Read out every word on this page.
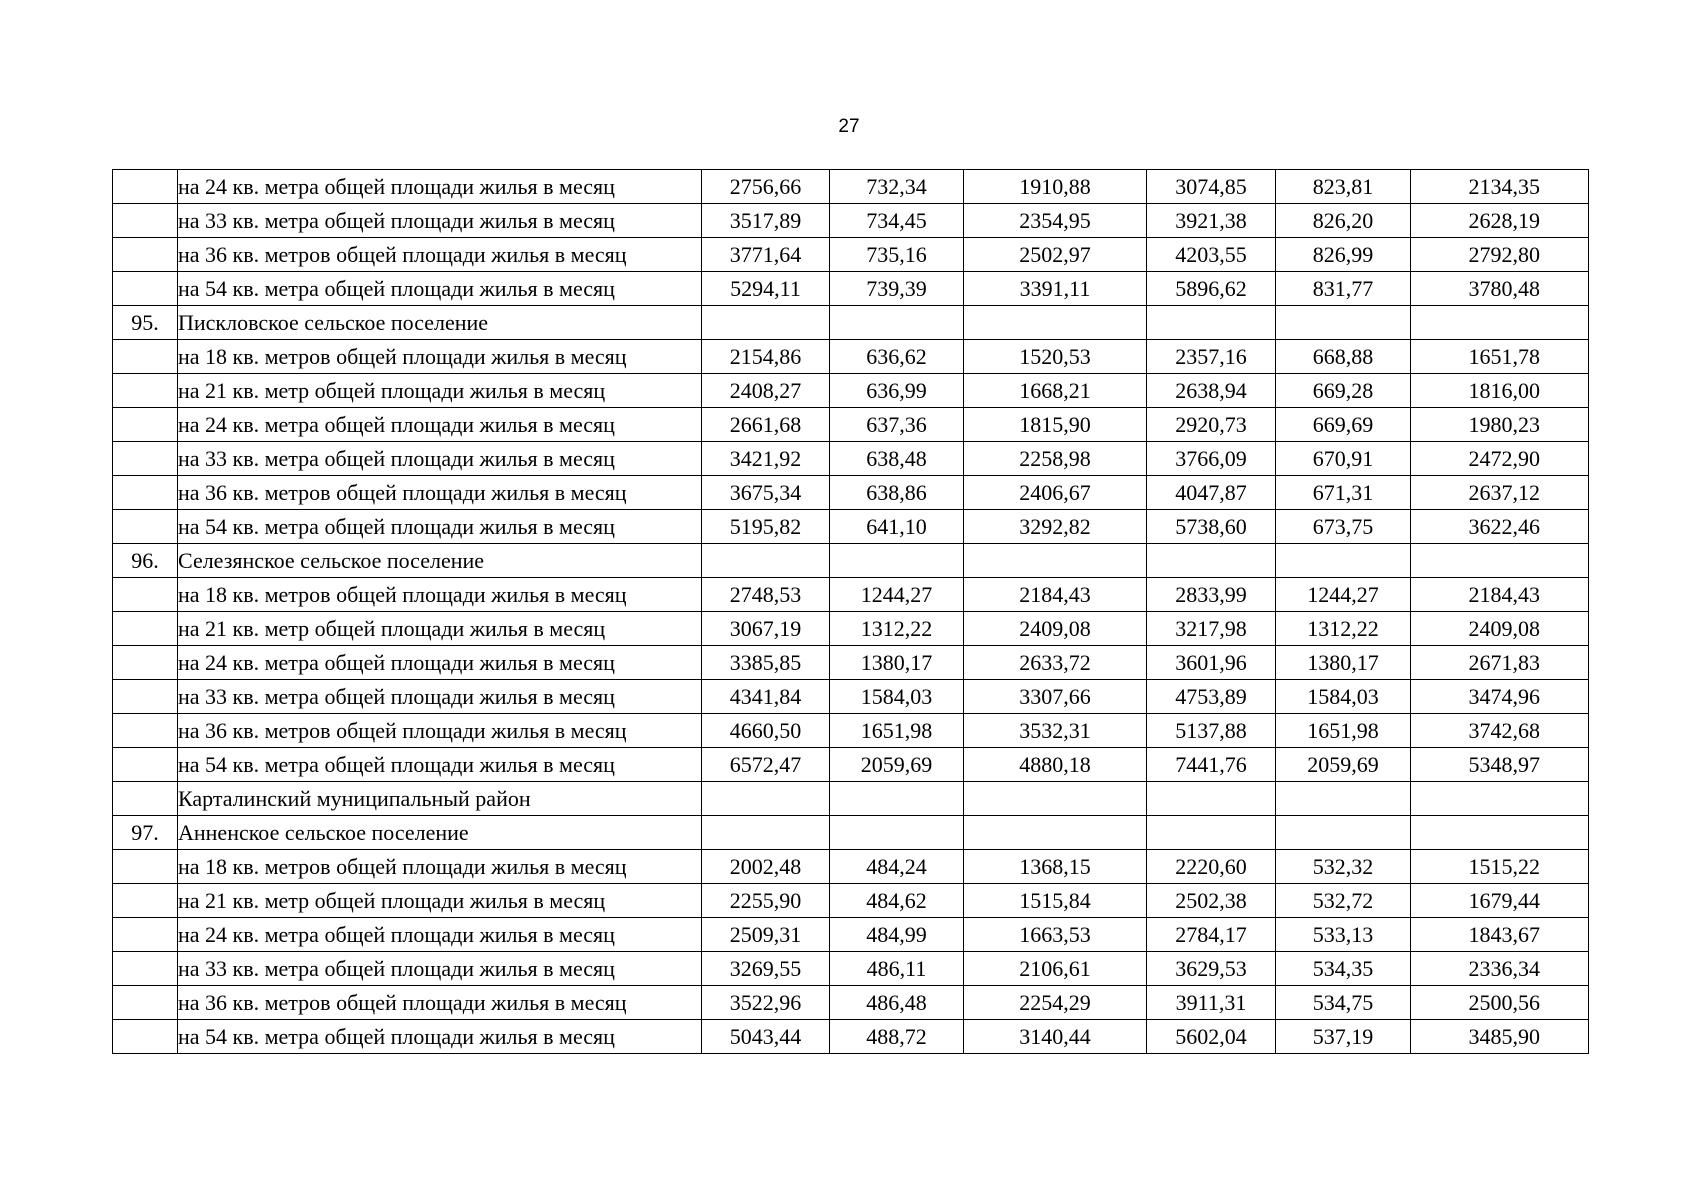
27
	на 24 кв. метра общей площади жилья в месяц	2756,66	732,34	1910,88	3074,85	823,81	2134,35
	на 33 кв. метра общей площади жилья в месяц	3517,89	734,45	2354,95	3921,38	826,20	2628,19
	на 36 кв. метров общей площади жилья в месяц	3771,64	735,16	2502,97	4203,55	826,99	2792,80
	на 54 кв. метра общей площади жилья в месяц	5294,11	739,39	3391,11	5896,62	831,77	3780,48
95.	Пискловское сельское поселение						
	на 18 кв. метров общей площади жилья в месяц	2154,86	636,62	1520,53	2357,16	668,88	1651,78
	на 21 кв. метр общей площади жилья в месяц	2408,27	636,99	1668,21	2638,94	669,28	1816,00
	на 24 кв. метра общей площади жилья в месяц	2661,68	637,36	1815,90	2920,73	669,69	1980,23
	на 33 кв. метра общей площади жилья в месяц	3421,92	638,48	2258,98	3766,09	670,91	2472,90
	на 36 кв. метров общей площади жилья в месяц	3675,34	638,86	2406,67	4047,87	671,31	2637,12
	на 54 кв. метра общей площади жилья в месяц	5195,82	641,10	3292,82	5738,60	673,75	3622,46
96.	Селезянское сельское поселение						
	на 18 кв. метров общей площади жилья в месяц	2748,53	1244,27	2184,43	2833,99	1244,27	2184,43
	на 21 кв. метр общей площади жилья в месяц	3067,19	1312,22	2409,08	3217,98	1312,22	2409,08
	на 24 кв. метра общей площади жилья в месяц	3385,85	1380,17	2633,72	3601,96	1380,17	2671,83
	на 33 кв. метра общей площади жилья в месяц	4341,84	1584,03	3307,66	4753,89	1584,03	3474,96
	на 36 кв. метров общей площади жилья в месяц	4660,50	1651,98	3532,31	5137,88	1651,98	3742,68
	на 54 кв. метра общей площади жилья в месяц	6572,47	2059,69	4880,18	7441,76	2059,69	5348,97
	Карталинский муниципальный район						
97.	Анненское сельское поселение						
	на 18 кв. метров общей площади жилья в месяц	2002,48	484,24	1368,15	2220,60	532,32	1515,22
	на 21 кв. метр общей площади жилья в месяц	2255,90	484,62	1515,84	2502,38	532,72	1679,44
	на 24 кв. метра общей площади жилья в месяц	2509,31	484,99	1663,53	2784,17	533,13	1843,67
	на 33 кв. метра общей площади жилья в месяц	3269,55	486,11	2106,61	3629,53	534,35	2336,34
	на 36 кв. метров общей площади жилья в месяц	3522,96	486,48	2254,29	3911,31	534,75	2500,56
	на 54 кв. метра общей площади жилья в месяц	5043,44	488,72	3140,44	5602,04	537,19	3485,90
